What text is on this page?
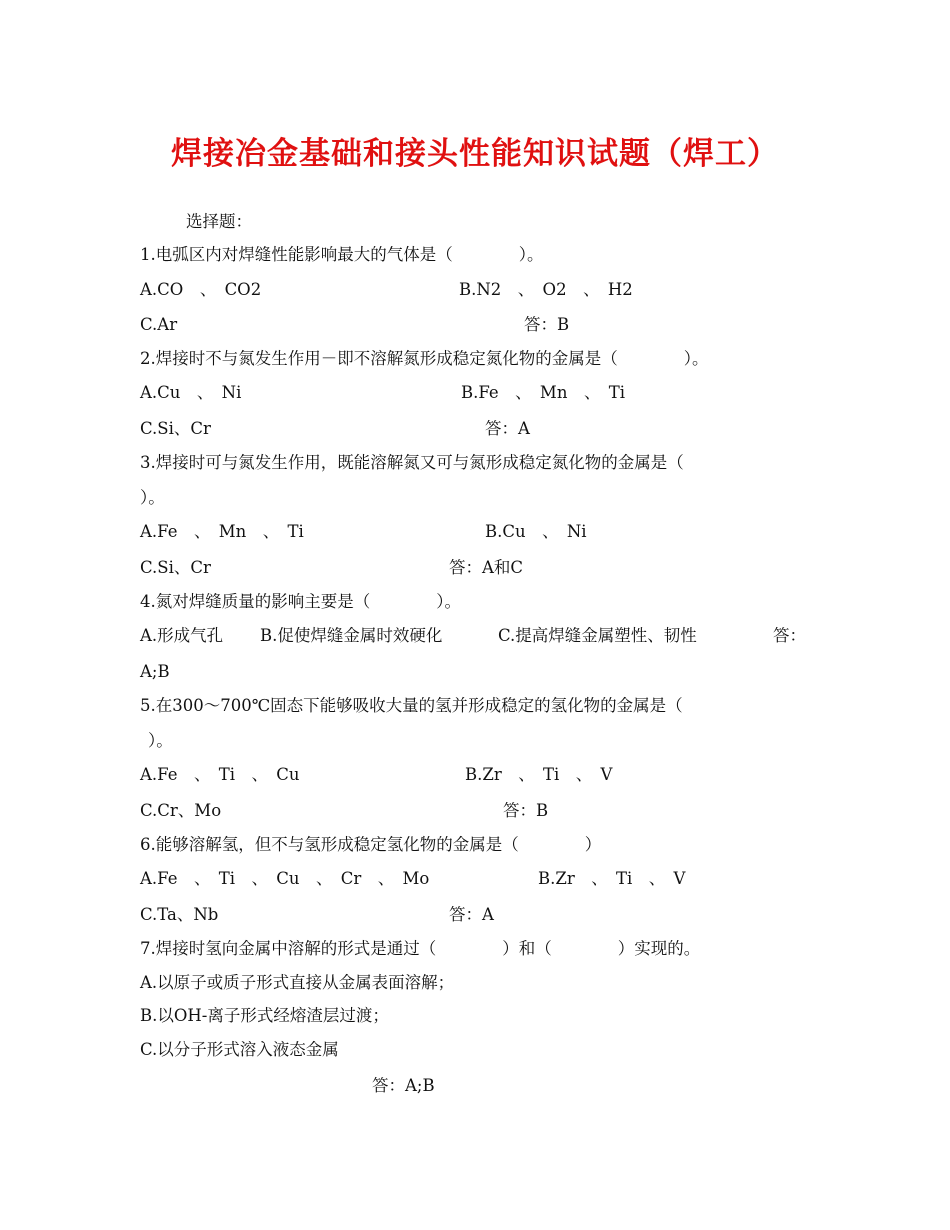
焊接冶金基础和接头性能知识试题（焊工）
选择题：
1.电弧区内对焊缝性能影响最大的气体是（　　　　）。
A.CO　、　CO2	B.N2　、　O2　、　H2
C.Ar	答：B
2.焊接时不与氮发生作用－即不溶解氮形成稳定氮化物的金属是（　　　　）。
A.Cu　、　Ni	B.Fe　、　Mn　、　Ti
C.Si、Cr	答：A
3.焊接时可与氮发生作用，既能溶解氮又可与氮形成稳定氮化物的金属是（
）。
A.Fe　、　Mn　、　Ti	B.Cu　、　Ni
C.Si、Cr	答：A和C
4.氮对焊缝质量的影响主要是（　　　　）。
A.形成气孔 B.促使焊缝金属时效硬化	C.提高焊缝金属塑性、韧性	答：
A;B
5.在300～700℃固态下能够吸收大量的氢并形成稳定的氢化物的金属是（
）。
A.Fe　、　Ti　、　Cu	B.Zr　、　Ti　、　V
C.Cr、Mo	答：B
6.能够溶解氢，但不与氢形成稳定氢化物的金属是（　　　　）
A.Fe　、　Ti　、　Cu　、　Cr　、　Mo	B.Zr　、　Ti　、　V
C.Ta、Nb	答：A
7.焊接时氢向金属中溶解的形式是通过（　　　　）和（　　　　）实现的。
A.以原子或质子形式直接从金属表面溶解；
B.以OH-离子形式经熔渣层过渡；
C.以分子形式溶入液态金属
答：A;B
